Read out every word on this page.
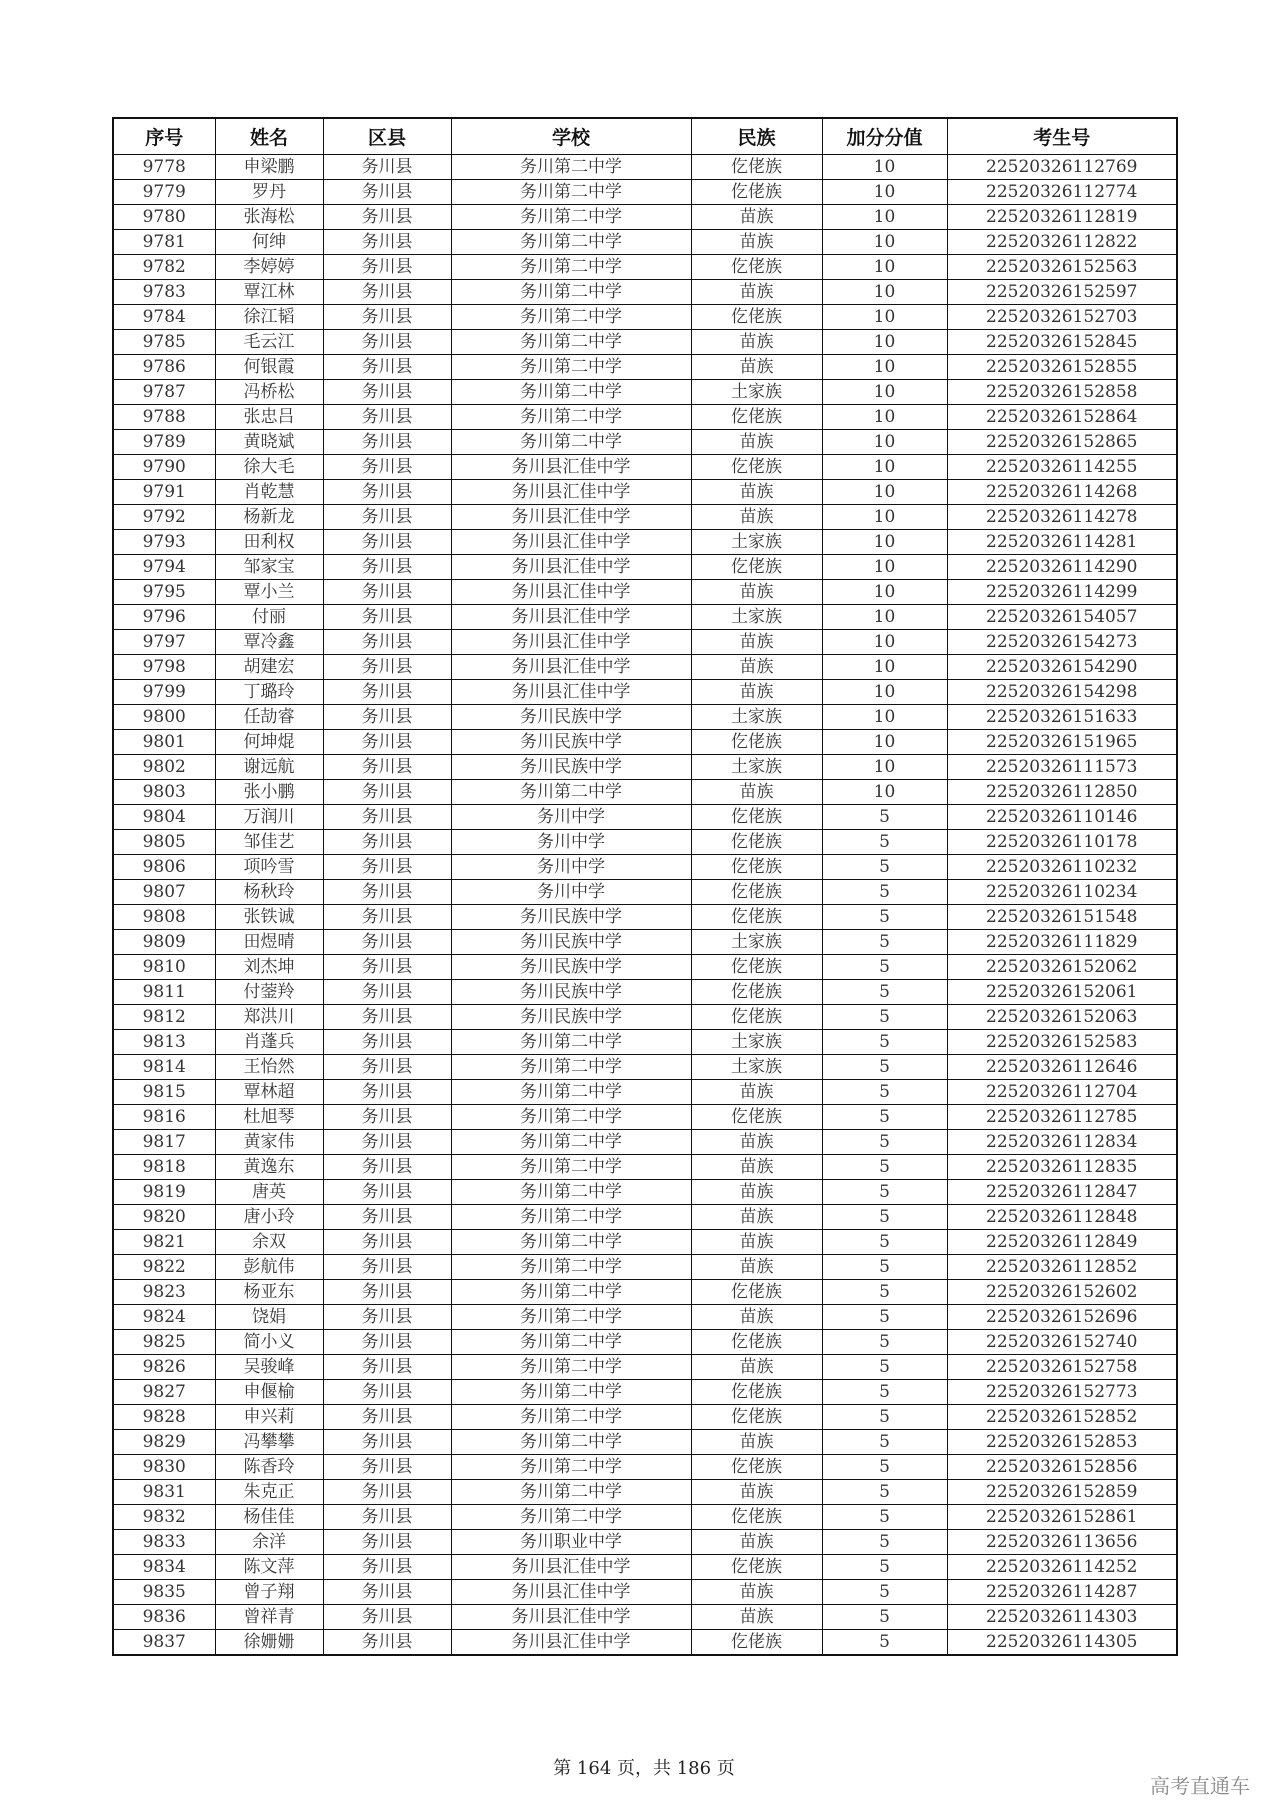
序号	姓名	区县	学校	民族	加分分值	考生号
9778	申梁鹏	务川县	务川第二中学	仡佬族	10	22520326112769
9779	罗丹	务川县	务川第二中学	仡佬族	10	22520326112774
9780	张海松	务川县	务川第二中学	苗族	10	22520326112819
9781	何绅	务川县	务川第二中学	苗族	10	22520326112822
9782	李婷婷	务川县	务川第二中学	仡佬族	10	22520326152563
9783	覃江林	务川县	务川第二中学	苗族	10	22520326152597
9784	徐江韬	务川县	务川第二中学	仡佬族	10	22520326152703
9785	毛云江	务川县	务川第二中学	苗族	10	22520326152845
9786	何银霞	务川县	务川第二中学	苗族	10	22520326152855
9787	冯桥松	务川县	务川第二中学	土家族	10	22520326152858
9788	张忠吕	务川县	务川第二中学	仡佬族	10	22520326152864
9789	黄晓斌	务川县	务川第二中学	苗族	10	22520326152865
9790	徐大毛	务川县	务川县汇佳中学	仡佬族	10	22520326114255
9791	肖乾慧	务川县	务川县汇佳中学	苗族	10	22520326114268
9792	杨新龙	务川县	务川县汇佳中学	苗族	10	22520326114278
9793	田利权	务川县	务川县汇佳中学	土家族	10	22520326114281
9794	邹家宝	务川县	务川县汇佳中学	仡佬族	10	22520326114290
9795	覃小兰	务川县	务川县汇佳中学	苗族	10	22520326114299
9796	付丽	务川县	务川县汇佳中学	土家族	10	22520326154057
9797	覃冷鑫	务川县	务川县汇佳中学	苗族	10	22520326154273
9798	胡建宏	务川县	务川县汇佳中学	苗族	10	22520326154290
9799	丁璐玲	务川县	务川县汇佳中学	苗族	10	22520326154298
9800	任劼睿	务川县	务川民族中学	土家族	10	22520326151633
9801	何坤焜	务川县	务川民族中学	仡佬族	10	22520326151965
9802	谢远航	务川县	务川民族中学	土家族	10	22520326111573
9803	张小鹏	务川县	务川第二中学	苗族	10	22520326112850
9804	万润川	务川县	务川中学	仡佬族	5	22520326110146
9805	邹佳艺	务川县	务川中学	仡佬族	5	22520326110178
9806	项吟雪	务川县	务川中学	仡佬族	5	22520326110232
9807	杨秋玲	务川县	务川中学	仡佬族	5	22520326110234
9808	张铁诚	务川县	务川民族中学	仡佬族	5	22520326151548
9809	田煜晴	务川县	务川民族中学	土家族	5	22520326111829
9810	刘杰坤	务川县	务川民族中学	仡佬族	5	22520326152062
9811	付蓥羚	务川县	务川民族中学	仡佬族	5	22520326152061
9812	郑洪川	务川县	务川民族中学	仡佬族	5	22520326152063
9813	肖蓬兵	务川县	务川第二中学	土家族	5	22520326152583
9814	王怡然	务川县	务川第二中学	土家族	5	22520326112646
9815	覃林超	务川县	务川第二中学	苗族	5	22520326112704
9816	杜旭琴	务川县	务川第二中学	仡佬族	5	22520326112785
9817	黄家伟	务川县	务川第二中学	苗族	5	22520326112834
9818	黄逸东	务川县	务川第二中学	苗族	5	22520326112835
9819	唐英	务川县	务川第二中学	苗族	5	22520326112847
9820	唐小玲	务川县	务川第二中学	苗族	5	22520326112848
9821	余双	务川县	务川第二中学	苗族	5	22520326112849
9822	彭航伟	务川县	务川第二中学	苗族	5	22520326112852
9823	杨亚东	务川县	务川第二中学	仡佬族	5	22520326152602
9824	饶娟	务川县	务川第二中学	苗族	5	22520326152696
9825	简小义	务川县	务川第二中学	仡佬族	5	22520326152740
9826	吴骏峰	务川县	务川第二中学	苗族	5	22520326152758
9827	申偃榆	务川县	务川第二中学	仡佬族	5	22520326152773
9828	申兴莉	务川县	务川第二中学	仡佬族	5	22520326152852
9829	冯攀攀	务川县	务川第二中学	苗族	5	22520326152853
9830	陈香玲	务川县	务川第二中学	仡佬族	5	22520326152856
9831	朱克正	务川县	务川第二中学	苗族	5	22520326152859
9832	杨佳佳	务川县	务川第二中学	仡佬族	5	22520326152861
9833	余洋	务川县	务川职业中学	苗族	5	22520326113656
9834	陈文萍	务川县	务川县汇佳中学	仡佬族	5	22520326114252
9835	曾子翔	务川县	务川县汇佳中学	苗族	5	22520326114287
9836	曾祥青	务川县	务川县汇佳中学	苗族	5	22520326114303
9837	徐姗姗	务川县	务川县汇佳中学	仡佬族	5	22520326114305
第 164 页，共 186 页
高考直通车
